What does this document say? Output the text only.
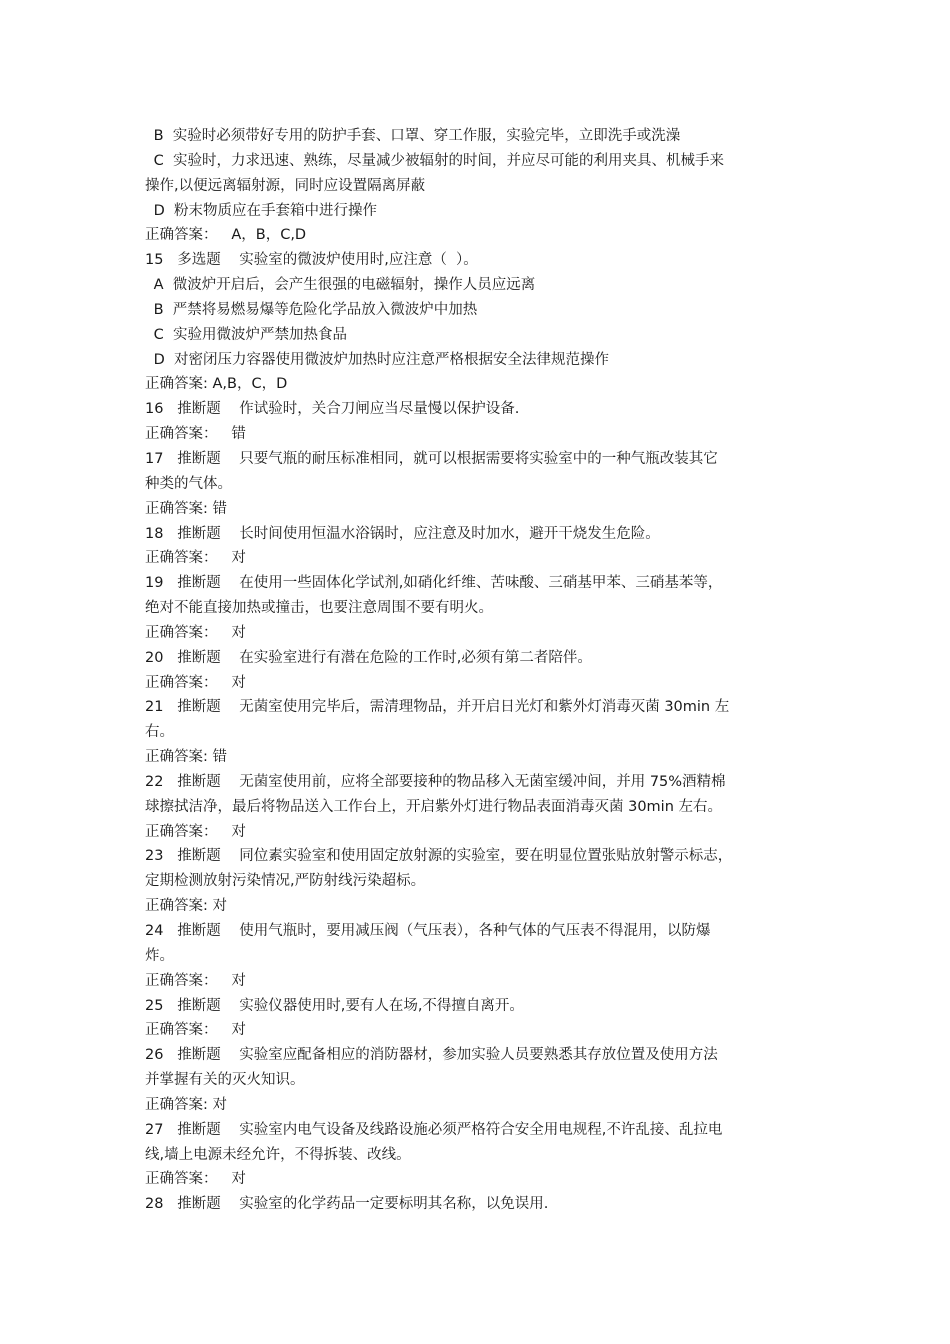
B  实验时必须带好专用的防护手套、口罩、穿工作服，实验完毕，立即洗手或洗澡

C  实验时，力求迅速、熟练，尽量减少被辐射的时间，并应尽可能的利用夹具、机械手来

操作,以便远离辐射源，同时应设置隔离屏蔽

D  粉末物质应在手套箱中进行操作

正确答案：   A，B，C,D

15   多选题    实验室的微波炉使用时,应注意（  ）。

A  微波炉开启后，会产生很强的电磁辐射，操作人员应远离

B  严禁将易燃易爆等危险化学品放入微波炉中加热

C  实验用微波炉严禁加热食品

D  对密闭压力容器使用微波炉加热时应注意严格根据安全法律规范操作

正确答案: A,B，C，D

16   推断题    作试验时，关合刀闸应当尽量慢以保护设备.

正确答案：   错

17   推断题    只要气瓶的耐压标准相同，就可以根据需要将实验室中的一种气瓶改装其它

种类的气体。

正确答案: 错

18   推断题    长时间使用恒温水浴锅时，应注意及时加水，避开干烧发生危险。

正确答案：   对

19   推断题    在使用一些固体化学试剂,如硝化纤维、苦味酸、三硝基甲苯、三硝基苯等，

绝对不能直接加热或撞击，也要注意周围不要有明火。

正确答案：   对

20   推断题    在实验室进行有潜在危险的工作时,必须有第二者陪伴。

正确答案：   对

21   推断题    无菌室使用完毕后，需清理物品，并开启日光灯和紫外灯消毒灭菌 30min 左

右。

正确答案: 错

22   推断题    无菌室使用前，应将全部要接种的物品移入无菌室缓冲间，并用 75%酒精棉

球擦拭洁净，最后将物品送入工作台上，开启紫外灯进行物品表面消毒灭菌 30min 左右。

正确答案：   对

23   推断题    同位素实验室和使用固定放射源的实验室，要在明显位置张贴放射警示标志，

定期检测放射污染情况,严防射线污染超标。

正确答案: 对

24   推断题    使用气瓶时，要用减压阀（气压表），各种气体的气压表不得混用，以防爆

炸。

正确答案：   对

25   推断题    实验仪器使用时,要有人在场,不得擅自离开。

正确答案：   对

26   推断题    实验室应配备相应的消防器材，参加实验人员要熟悉其存放位置及使用方法

并掌握有关的灭火知识。

正确答案: 对

27   推断题    实验室内电气设备及线路设施必须严格符合安全用电规程,不许乱接、乱拉电

线,墙上电源未经允许，不得拆装、改线。

正确答案：   对

28   推断题    实验室的化学药品一定要标明其名称，以免误用.
